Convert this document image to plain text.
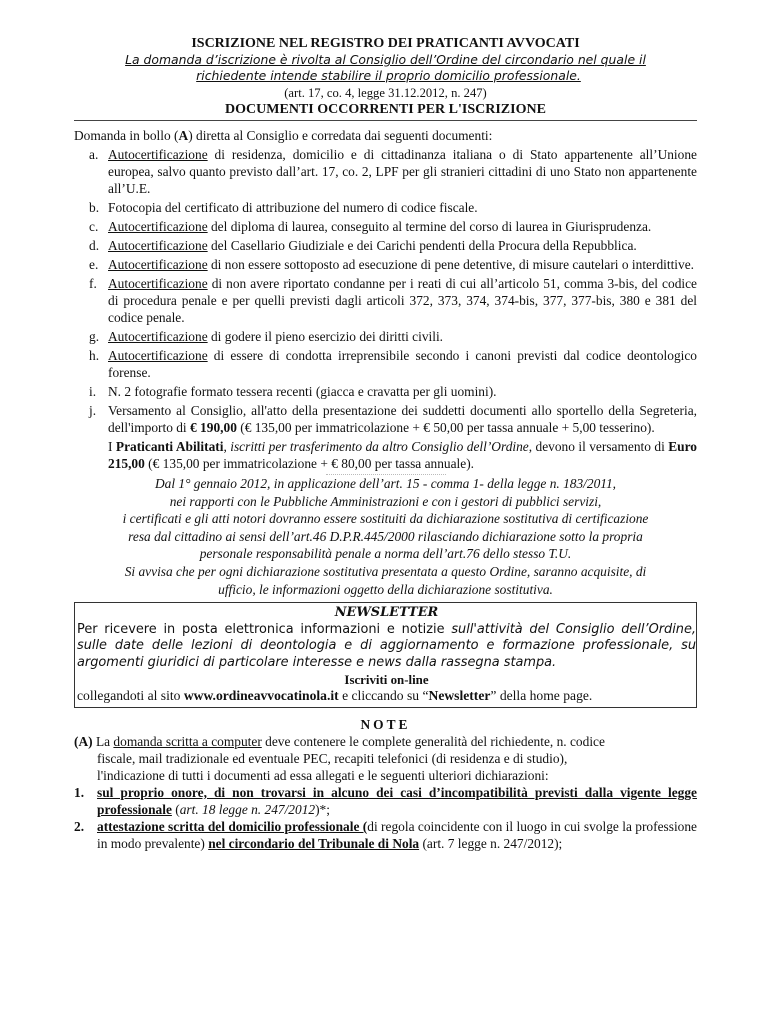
ISCRIZIONE NEL REGISTRO DEI PRATICANTI AVVOCATI
La domanda d’iscrizione è rivolta al Consiglio dell’Ordine del circondario nel quale il
richiedente intende stabilire il proprio domicilio professionale.
(art. 17, co. 4, legge 31.12.2012, n. 247)
DOCUMENTI OCCORRENTI PER L'ISCRIZIONE
Domanda in bollo (A) diretta al Consiglio e corredata dai seguenti documenti:
a. Autocertificazione di residenza, domicilio e di cittadinanza italiana o di Stato appartenente all’Unione europea, salvo quanto previsto dall’art. 17, co. 2, LPF per gli stranieri cittadini di uno Stato non appartenente all’U.E.
b. Fotocopia del certificato di attribuzione del numero di codice fiscale.
c. Autocertificazione del diploma di laurea, conseguito al termine del corso di laurea in Giurisprudenza.
d. Autocertificazione del Casellario Giudiziale e dei Carichi pendenti della Procura della Repubblica.
e. Autocertificazione di non essere sottoposto ad esecuzione di pene detentive, di misure cautelari o interdittive.
f. Autocertificazione di non avere riportato condanne per i reati di cui all’articolo 51, comma 3-bis, del codice di procedura penale e per quelli previsti dagli articoli 372, 373, 374, 374-bis, 377, 377-bis, 380 e 381 del codice penale.
g. Autocertificazione di godere il pieno esercizio dei diritti civili.
h. Autocertificazione di essere di condotta irreprensibile secondo i canoni previsti dal codice deontologico forense.
i. N. 2 fotografie formato tessera recenti (giacca e cravatta per gli uomini).
j. Versamento al Consiglio, all'atto della presentazione dei suddetti documenti allo sportello della Segreteria, dell'importo di € 190,00 (€ 135,00 per immatricolazione + € 50,00 per tassa annuale + 5,00 tesserino).
I Praticanti Abilitati, iscritti per trasferimento da altro Consiglio dell’Ordine, devono il versamento di Euro 215,00 (€ 135,00 per immatricolazione + € 80,00 per tassa annuale).
Dal 1° gennaio 2012, in applicazione dell’art. 15 - comma 1- della legge n. 183/2011,
nei rapporti con le Pubbliche Amministrazioni e con i gestori di pubblici servizi,
i certificati e gli atti notori dovranno essere sostituiti da dichiarazione sostitutiva di certificazione
resa dal cittadino ai sensi dell’art.46 D.P.R.445/2000 rilasciando dichiarazione sotto la propria
personale responsabilità penale a norma dell’art.76 dello stesso T.U.
Si avvisa che per ogni dichiarazione sostitutiva presentata a questo Ordine, saranno acquisite, di
ufficio, le informazioni oggetto della dichiarazione sostitutiva.
NEWSLETTER
Per ricevere in posta elettronica informazioni e notizie sull'attività del Consiglio dell’Ordine, sulle date delle lezioni di deontologia e di aggiornamento e formazione professionale, su argomenti giuridici di particolare interesse e news dalla rassegna stampa.
Iscriviti on-line
collegandoti al sito www.ordineavvocatinola.it e cliccando su “Newsletter” della home page.
NOTE
(A) La domanda scritta a computer deve contenere le complete generalità del richiedente, n. codice
fiscale, mail tradizionale ed eventuale PEC, recapiti telefonici (di residenza e di studio),
l'indicazione di tutti i documenti ad essa allegati e le seguenti ulteriori dichiarazioni:
1. sul proprio onore, di non trovarsi in alcuno dei casi d’incompatibilità previsti dalla vigente legge professionale (art. 18 legge n. 247/2012)*;
2. attestazione scritta del domicilio professionale (di regola coincidente con il luogo in cui svolge la professione in modo prevalente) nel circondario del Tribunale di Nola (art. 7 legge n. 247/2012);
